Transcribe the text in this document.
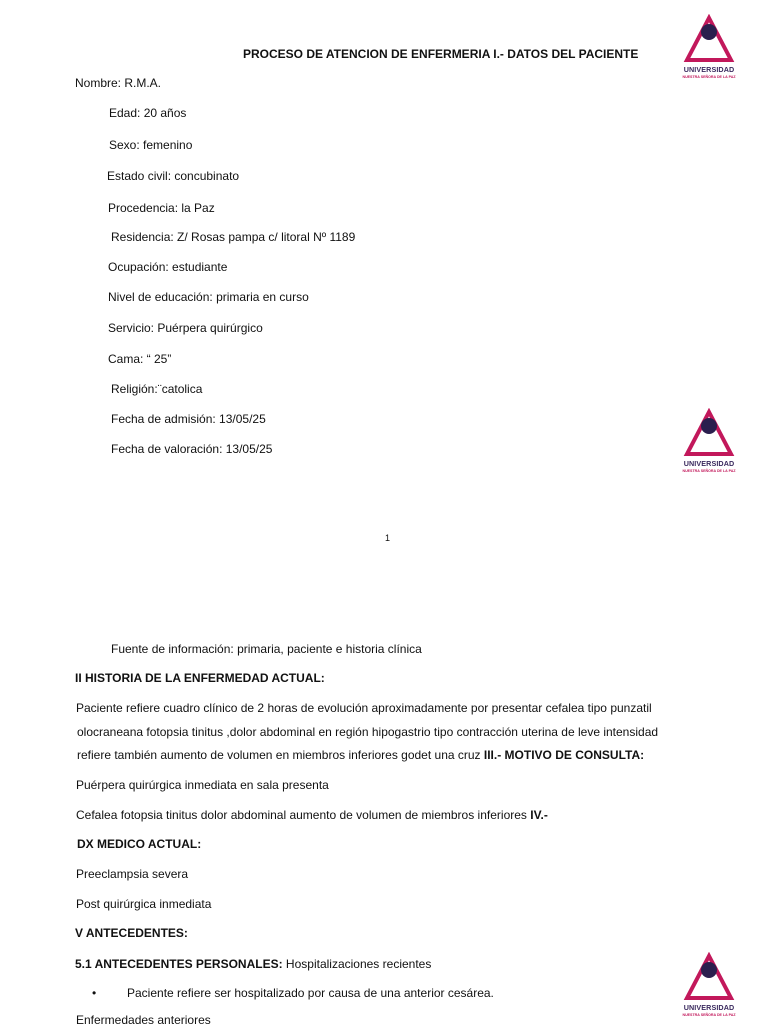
UNIVERSIDAD
NUESTRA SEÑORA DE LA PAZ
UNIVERSIDAD
NUESTRA SEÑORA DE LA PAZ
UNIVERSIDAD
NUESTRA SEÑORA DE LA PAZ
PROCESO DE ATENCION DE ENFERMERIA I.- DATOS DEL PACIENTE
Nombre: R.M.A.
Edad: 20 años
Sexo: femenino
Estado civil: concubinato
Procedencia: la Paz
Residencia: Z/ Rosas pampa c/ litoral Nº 1189
Ocupación: estudiante
Nivel de educación: primaria en curso
Servicio: Puérpera quirúrgico
Cama: “ 25”
Religión:¨catolica
Fecha de admisión: 13/05/25
Fecha de valoración: 13/05/25
1
Fuente de información: primaria, paciente e historia clínica
II HISTORIA DE LA ENFERMEDAD ACTUAL:
Paciente refiere cuadro clínico de 2 horas de evolución aproximadamente por presentar cefalea tipo punzatil
olocraneana fotopsia tinitus ,dolor abdominal en región hipogastrio tipo contracción uterina de leve intensidad
refiere también aumento de volumen en miembros inferiores godet una cruz III.- MOTIVO DE CONSULTA:
Puérpera quirúrgica inmediata en sala presenta
Cefalea fotopsia tinitus dolor abdominal aumento de volumen de miembros inferiores IV.-
DX MEDICO ACTUAL:
Preeclampsia severa
Post quirúrgica inmediata
V ANTECEDENTES:
5.1 ANTECEDENTES PERSONALES: Hospitalizaciones recientes
•	Paciente refiere ser hospitalizado por causa de una anterior cesárea.
Enfermedades anteriores
